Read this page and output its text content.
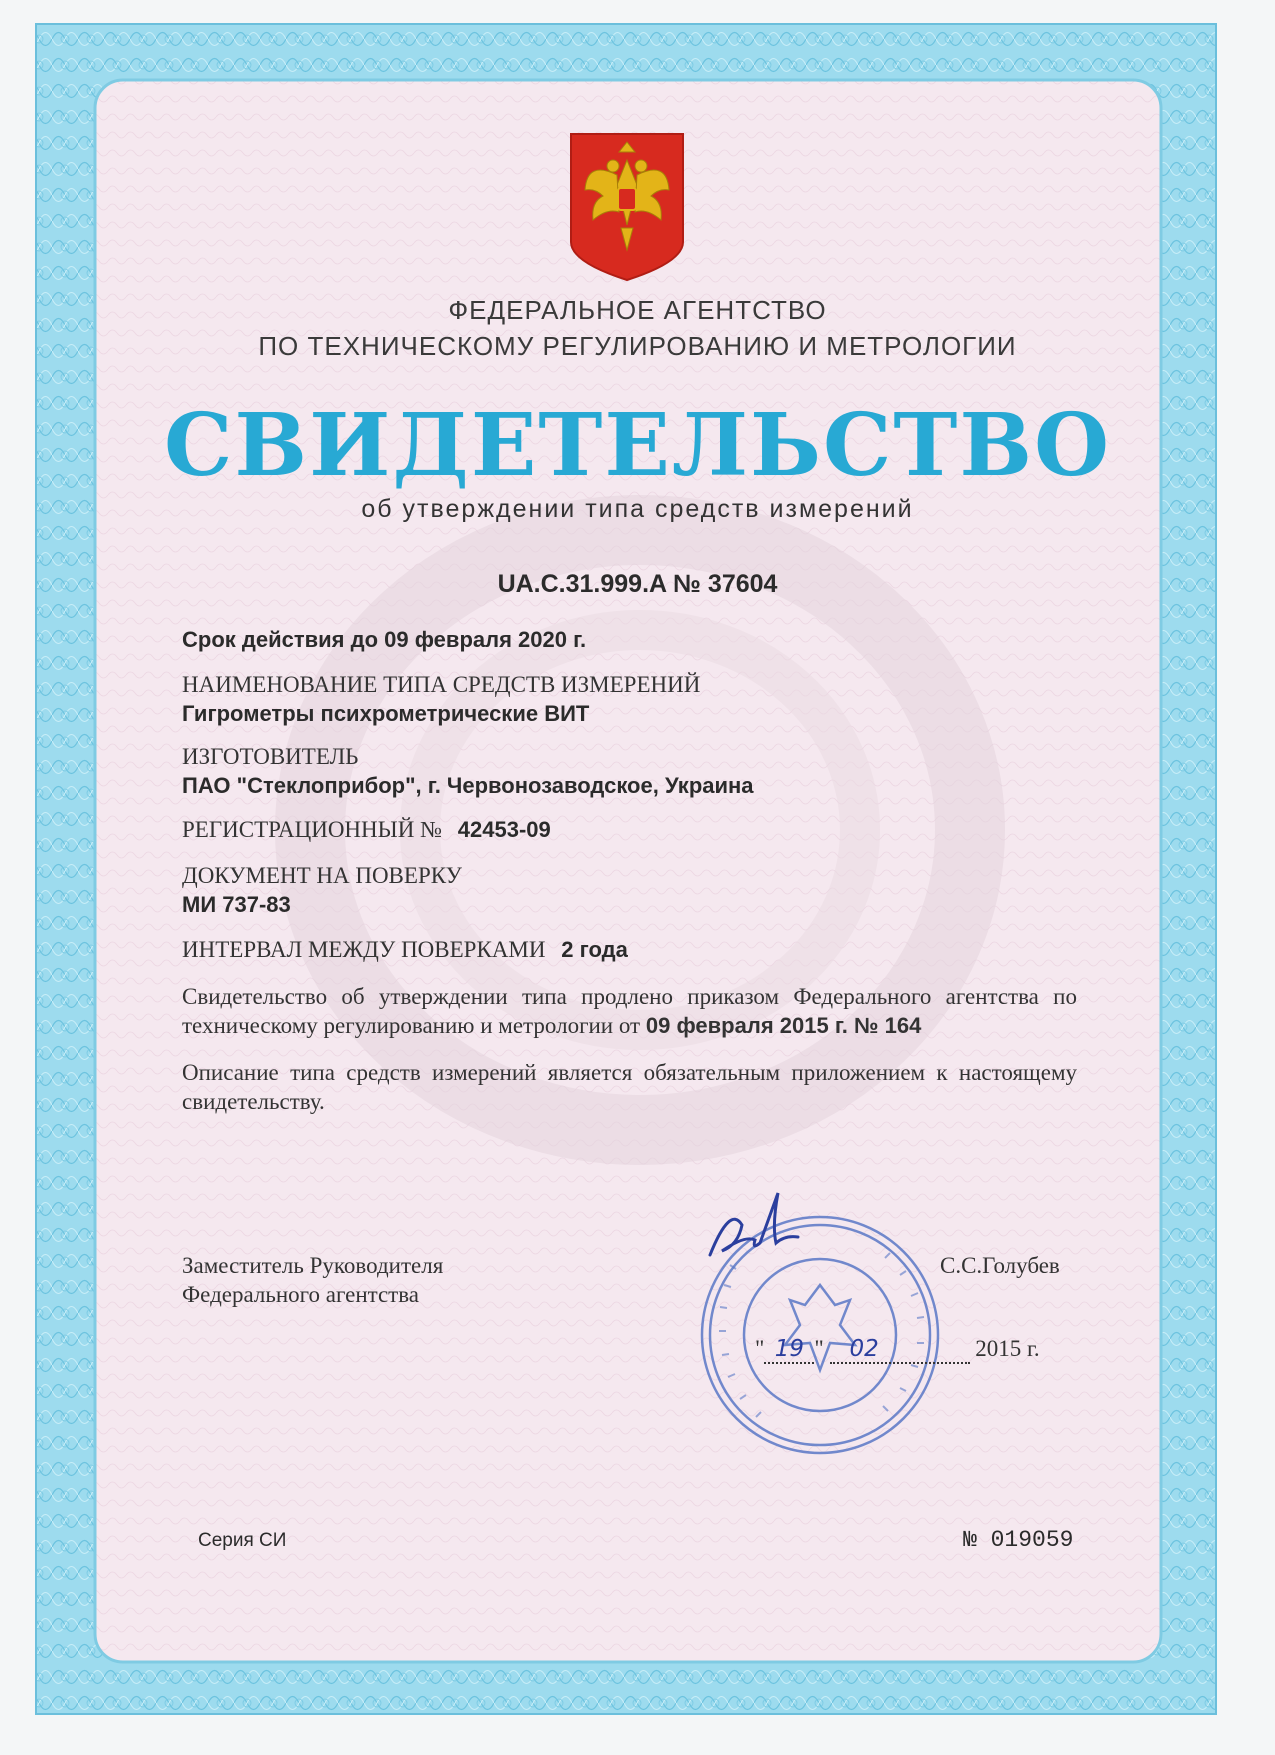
ФЕДЕРАЛЬНОЕ АГЕНТСТВО
ПО ТЕХНИЧЕСКОМУ РЕГУЛИРОВАНИЮ И МЕТРОЛОГИИ
СВИДЕТЕЛЬСТВО
об утверждении типа средств измерений
UA.C.31.999.A № 37604
Срок действия до 09 февраля 2020 г.
НАИМЕНОВАНИЕ ТИПА СРЕДСТВ ИЗМЕРЕНИЙ
Гигрометры психрометрические ВИТ
ИЗГОТОВИТЕЛЬ
ПАО "Стеклоприбор", г. Червонозаводское, Украина
РЕГИСТРАЦИОННЫЙ № 42453-09
ДОКУМЕНТ НА ПОВЕРКУ
МИ 737-83
ИНТЕРВАЛ МЕЖДУ ПОВЕРКАМИ 2 года
Свидетельство об утверждении типа продлено приказом Федерального агентства по техническому регулированию и метрологии от 09 февраля 2015 г. № 164
Описание типа средств измерений является обязательным приложением к настоящему свидетельству.
Заместитель Руководителя
Федерального агентства
С.С.Голубев
" 19 " 02	2015 г.
Серия СИ	№ 019059
